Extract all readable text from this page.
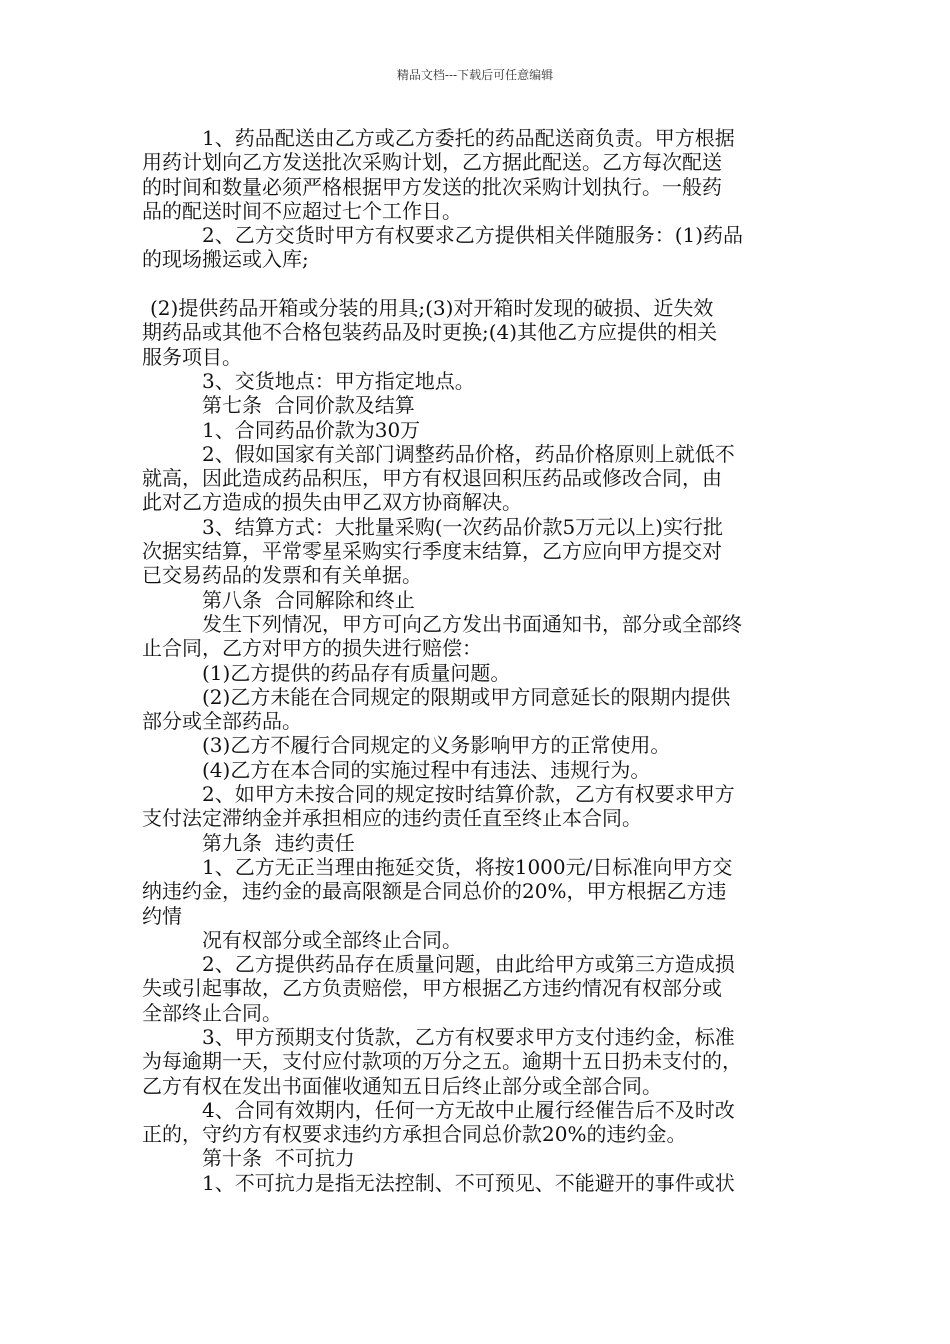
精品文档---下载后可任意编辑
1、药品配送由乙方或乙方委托的药品配送商负责。甲方根据
用药计划向乙方发送批次采购计划，乙方据此配送。乙方每次配送
的时间和数量必须严格根据甲方发送的批次采购计划执行。一般药
品的配送时间不应超过七个工作日。
2、乙方交货时甲方有权要求乙方提供相关伴随服务：(1)药品
的现场搬运或入库;
(2)提供药品开箱或分装的用具;(3)对开箱时发现的破损、近失效
期药品或其他不合格包装药品及时更换;(4)其他乙方应提供的相关
服务项目。
3、交货地点：甲方指定地点。
第七条  合同价款及结算
1、合同药品价款为30万
2、假如国家有关部门调整药品价格，药品价格原则上就低不
就高，因此造成药品积压，甲方有权退回积压药品或修改合同，由
此对乙方造成的损失由甲乙双方协商解决。
3、结算方式：大批量采购(一次药品价款5万元以上)实行批
次据实结算，平常零星采购实行季度末结算，乙方应向甲方提交对
已交易药品的发票和有关单据。
第八条  合同解除和终止
发生下列情况，甲方可向乙方发出书面通知书，部分或全部终
止合同，乙方对甲方的损失进行赔偿：
(1)乙方提供的药品存有质量问题。
(2)乙方未能在合同规定的限期或甲方同意延长的限期内提供
部分或全部药品。
(3)乙方不履行合同规定的义务影响甲方的正常使用。
(4)乙方在本合同的实施过程中有违法、违规行为。
2、如甲方未按合同的规定按时结算价款，乙方有权要求甲方
支付法定滞纳金并承担相应的违约责任直至终止本合同。
第九条  违约责任
1、乙方无正当理由拖延交货，将按1000元/日标准向甲方交
纳违约金，违约金的最高限额是合同总价的20%，甲方根据乙方违
约情
况有权部分或全部终止合同。
2、乙方提供药品存在质量问题，由此给甲方或第三方造成损
失或引起事故，乙方负责赔偿，甲方根据乙方违约情况有权部分或
全部终止合同。
3、甲方预期支付货款，乙方有权要求甲方支付违约金，标准
为每逾期一天，支付应付款项的万分之五。逾期十五日扔未支付的，
乙方有权在发出书面催收通知五日后终止部分或全部合同。
4、合同有效期内，任何一方无故中止履行经催告后不及时改
正的，守约方有权要求违约方承担合同总价款20%的违约金。
第十条  不可抗力
1、不可抗力是指无法控制、不可预见、不能避开的事件或状
